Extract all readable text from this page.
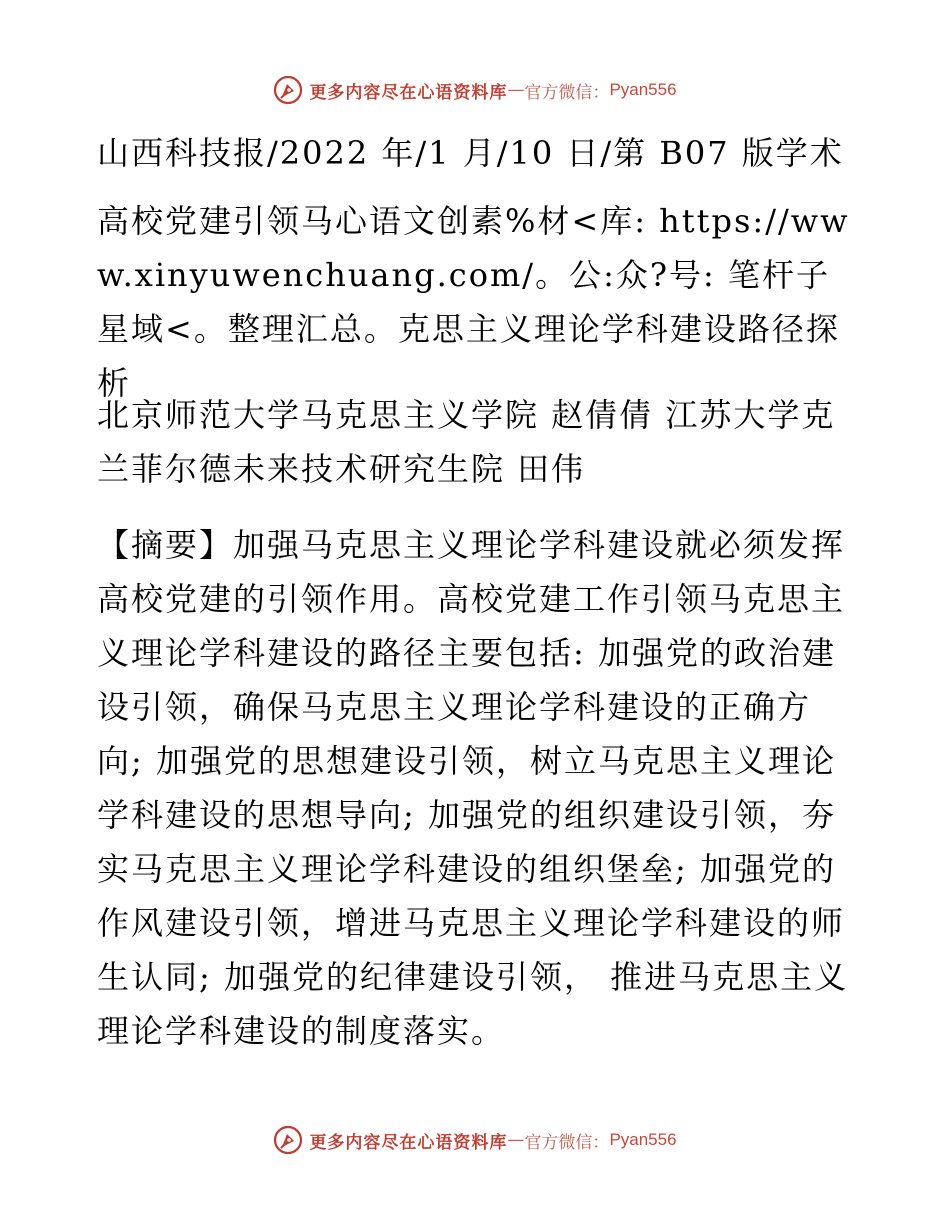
更多内容尽在心语资料库 — 官方微信： Pyan556

山西科技报/2022 年/1 月/10 日/第 B07 版学术

高校党建引领马心语文创素%材<库: https://www.xinyuwenchuang.com/。公:众?号: 笔杆子星域<。整理汇总。克思主义理论学科建设路径探析

北京师范大学马克思主义学院 赵倩倩 江苏大学克兰菲尔德未来技术研究生院 田伟

【摘要】加强马克思主义理论学科建设就必须发挥高校党建的引领作用。高校党建工作引领马克思主义理论学科建设的路径主要包括: 加强党的政治建设引领，确保马克思主义理论学科建设的正确方向; 加强党的思想建设引领，树立马克思主义理论学科建设的思想导向; 加强党的组织建设引领，夯实马克思主义理论学科建设的组织堡垒; 加强党的作风建设引领，增进马克思主义理论学科建设的师生认同; 加强党的纪律建设引领， 推进马克思主义理论学科建设的制度落实。

更多内容尽在心语资料库 — 官方微信： Pyan556
